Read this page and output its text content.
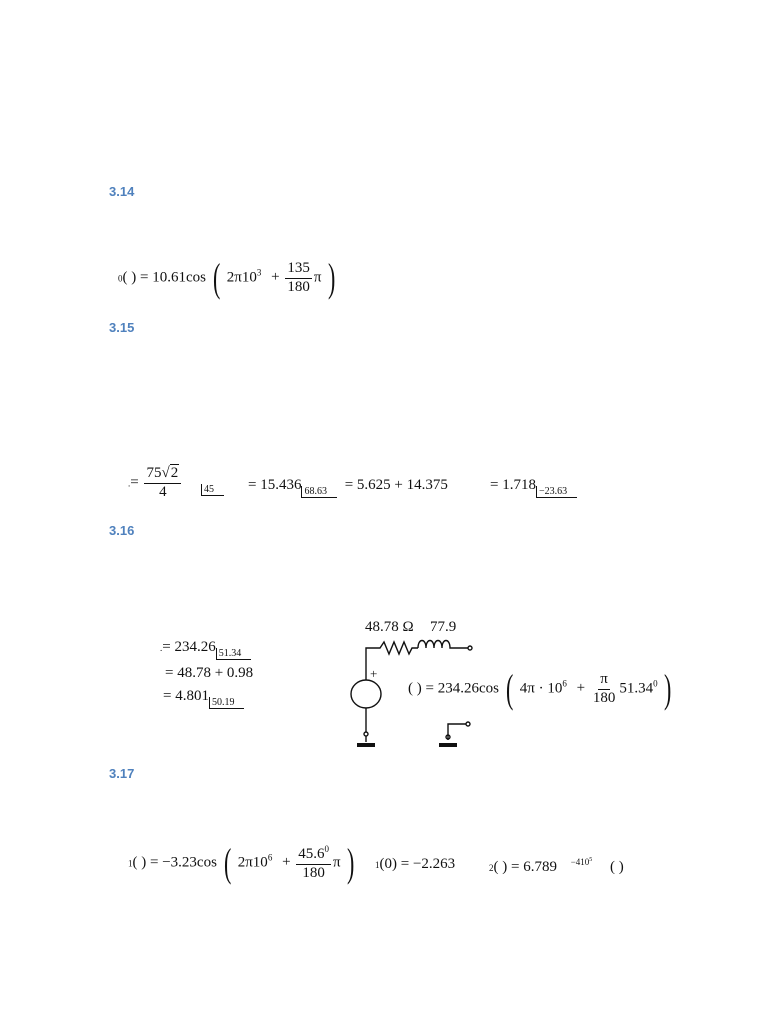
3.14
3.15
3.16
3.17
0( ) = 10.61cos ( $2\pi 10^3 + \frac{135}{180}$ π )
.= $\frac{75√2}{4} 45$	= 15.436 68.63 = 5.625 + 14.375	= 1.718 −23.63
.= 234.26 51.34
= 48.78 + 0.98
= 4.801 50.19
48.78 Ω 77.9
+
( ) = 234.26cos ( $4\pi \cdot 10^6 + \frac{\pi}{180} 51.34^0$ )
1( ) = −3.23cos ( $2\pi 10^6 + \frac{45.6^0}{180}$ π )	1(0) = −2.263	2( ) = 6.789 $^{-410^5}$ ( )
